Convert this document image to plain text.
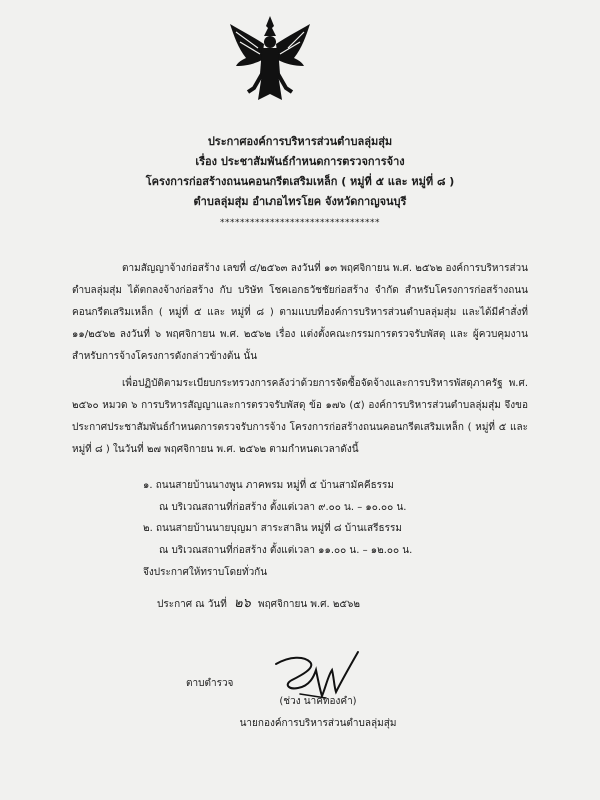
ประกาศองค์การบริหารส่วนตำบลลุ่มสุ่ม
เรื่อง ประชาสัมพันธ์กำหนดการตรวจการจ้าง
โครงการก่อสร้างถนนคอนกรีตเสริมเหล็ก ( หมู่ที่ ๕ และ หมู่ที่ ๘ )
ตำบลลุ่มสุ่ม อำเภอไทรโยค จังหวัดกาญจนบุรี
********************************
ตามสัญญาจ้างก่อสร้าง เลขที่ ๔/๒๕๖๓ ลงวันที่ ๑๓ พฤศจิกายน พ.ศ. ๒๕๖๒ องค์การบริหารส่วนตำบลลุ่มสุ่ม ได้ตกลงจ้างก่อสร้าง กับ บริษัท โชคเอกธวัชชัยก่อสร้าง จำกัด สำหรับโครงการก่อสร้างถนนคอนกรีตเสริมเหล็ก ( หมู่ที่ ๕ และ หมู่ที่ ๘ ) ตามแบบที่องค์การบริหารส่วนตำบลลุ่มสุ่ม และได้มีคำสั่งที่ ๑๑/๒๕๖๒ ลงวันที่ ๖ พฤศจิกายน พ.ศ. ๒๕๖๒ เรื่อง แต่งตั้งคณะกรรมการตรวจรับพัสดุ และ ผู้ควบคุมงาน สำหรับการจ้างโครงการดังกล่าวข้างต้น นั้น
เพื่อปฏิบัติตามระเบียบกระทรวงการคลังว่าด้วยการจัดซื้อจัดจ้างและการบริหารพัสดุภาครัฐ พ.ศ. ๒๕๖๐ หมวด ๖ การบริหารสัญญาและการตรวจรับพัสดุ ข้อ ๑๗๖ (๕) องค์การบริหารส่วนตำบลลุ่มสุ่ม จึงขอประกาศประชาสัมพันธ์กำหนดการตรวจรับการจ้าง โครงการก่อสร้างถนนคอนกรีตเสริมเหล็ก ( หมู่ที่ ๕ และ หมู่ที่ ๘ ) ในวันที่ ๒๗ พฤศจิกายน พ.ศ. ๒๕๖๒ ตามกำหนดเวลาดังนี้
๑. ถนนสายบ้านนางพูน ภาคพรม หมู่ที่ ๕ บ้านสามัคคีธรรม
ณ บริเวณสถานที่ก่อสร้าง ตั้งแต่เวลา ๙.๐๐ น. – ๑๐.๐๐ น.
๒. ถนนสายบ้านนายบุญมา สาระสาลิน หมู่ที่ ๘ บ้านเสรีธรรม
ณ บริเวณสถานที่ก่อสร้าง ตั้งแต่เวลา ๑๑.๐๐ น. – ๑๒.๐๐ น.
จึงประกาศให้ทราบโดยทั่วกัน
ประกาศ ณ วันที่ ๒๖ พฤศจิกายน พ.ศ. ๒๕๖๒
ตาบตำรวจ
(ช่วง นาคทองคำ)
นายกองค์การบริหารส่วนตำบลลุ่มสุ่ม
